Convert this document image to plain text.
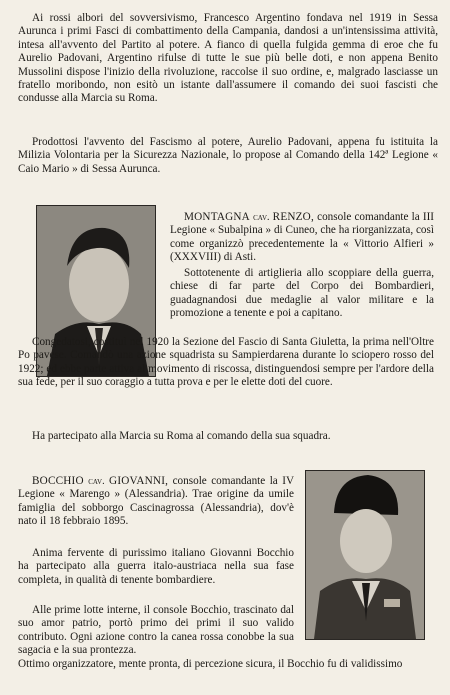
Ai rossi albori del sovversivismo, Francesco Argentino fondava nel 1919 in Sessa Aurunca i primi Fasci di combattimento della Campania, dandosi a un'intensissima attività, intesa all'avvento del Partito al potere. A fianco di quella fulgida gemma di eroe che fu Aurelio Padovani, Argentino rifulse di tutte le sue più belle doti, e non appena Benito Mussolini dispose l'inizio della rivoluzione, raccolse il suo ordine, e, malgrado lasciasse un fratello moribondo, non esitò un istante dall'assumere il comando dei suoi fascisti che condusse alla Marcia su Roma.

Prodottosi l'avvento del Fascismo al potere, Aurelio Padovani, appena fu istituita la Milizia Volontaria per la Sicurezza Nazionale, lo propose al Comando della 142ª Legione « Caio Mario » di Sessa Aurunca.

MONTAGNA cav. RENZO, console comandante la III Legione « Subalpina » di Cuneo, che ha riorganizzata, così come organizzò precedentemente la « Vittorio Alfieri » (XXXVIII) di Asti.

Sottotenente di artiglieria allo scoppiare della guerra, chiese di far parte del Corpo dei Bombardieri, guadagnandosi due medaglie al valor militare e la promozione a tenente e poi a capitano.

Congedatosi, costituì nel 1920 la Sezione del Fascio di Santa Giuletta, la prima nell'Oltre Po pavese. Comandò una azione squadrista su Sampierdarena durante lo sciopero rosso del 1922; ed ebbe parte attiva al movimento di riscossa, distinguendosi sempre per l'ardore della sua fede, per il suo coraggio a tutta prova e per le elette doti del cuore.

Ha partecipato alla Marcia su Roma al comando della sua squadra.

BOCCHIO cav. GIOVANNI, console comandante la IV Legione « Marengo » (Alessandria). Trae origine da umile famiglia del sobborgo Cascinagrossa (Alessandria), dov'è nato il 18 febbraio 1895.

Anima fervente di purissimo italiano Giovanni Bocchio ha partecipato alla guerra italo-austriaca nella sua fase completa, in qualità di tenente bombardiere.

Alle prime lotte interne, il console Bocchio, trascinato dal suo amor patrio, portò primo dei primi il suo valido contributo. Ogni azione contro la canea rossa conobbe la sua sagacia e la sua prontezza.

Ottimo organizzatore, mente pronta, di percezione sicura, il Bocchio fu di validissimo
